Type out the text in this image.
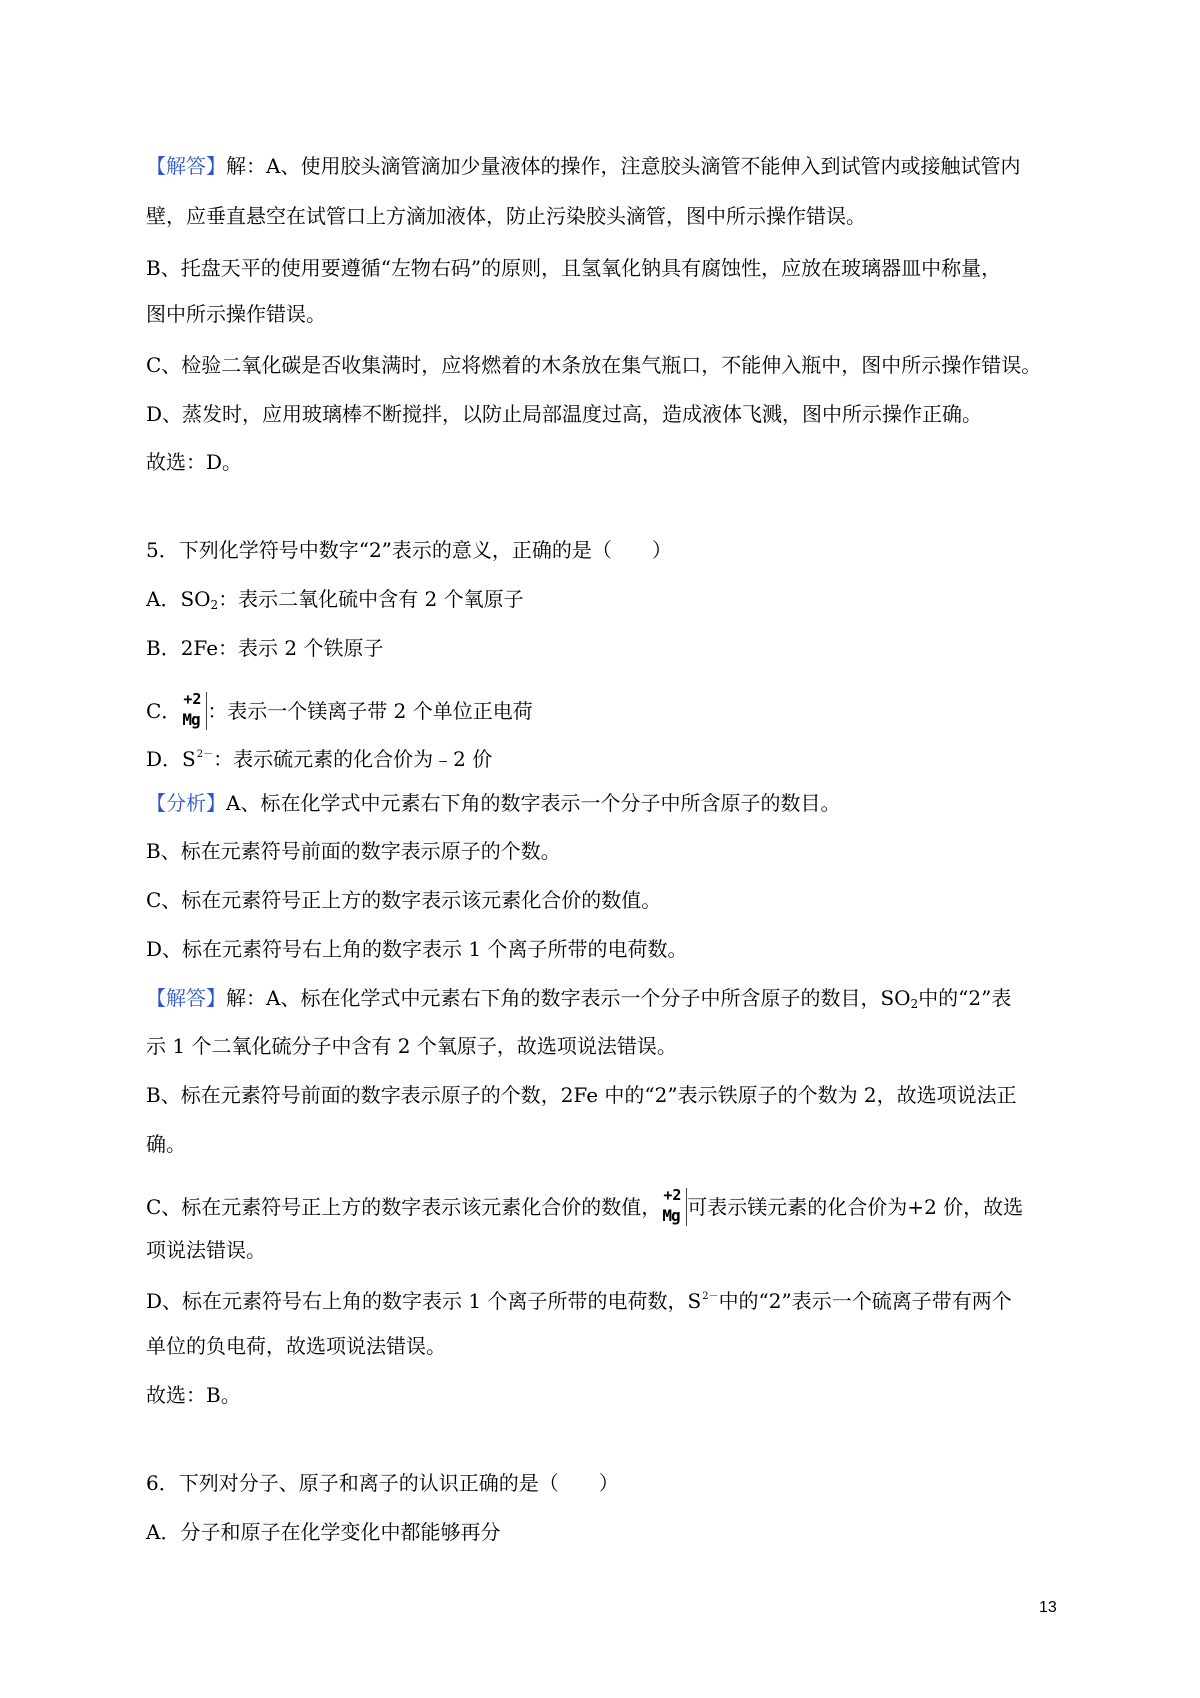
【解答】解：A、使用胶头滴管滴加少量液体的操作，注意胶头滴管不能伸入到试管内或接触试管内
壁，应垂直悬空在试管口上方滴加液体，防止污染胶头滴管，图中所示操作错误。
B、托盘天平的使用要遵循“左物右码”的原则，且氢氧化钠具有腐蚀性，应放在玻璃器皿中称量，
图中所示操作错误。
C、检验二氧化碳是否收集满时，应将燃着的木条放在集气瓶口，不能伸入瓶中，图中所示操作错误。
D、蒸发时，应用玻璃棒不断搅拌，以防止局部温度过高，造成液体飞溅，图中所示操作正确。
故选：D。
5．下列化学符号中数字“2”表示的意义，正确的是（　　）
A．$SO_2$：表示二氧化硫中含有 2 个氧原子
B．2Fe：表示 2 个铁原子
C． +2
Mg ：表示一个镁离子带 2 个单位正电荷
D．$S^{2-}$：表示硫元素的化合价为﹣2 价
【分析】A、标在化学式中元素右下角的数字表示一个分子中所含原子的数目。
B、标在元素符号前面的数字表示原子的个数。
C、标在元素符号正上方的数字表示该元素化合价的数值。
D、标在元素符号右上角的数字表示 1 个离子所带的电荷数。
【解答】解：A、标在化学式中元素右下角的数字表示一个分子中所含原子的数目，$SO_2$中的“2”表
示 1 个二氧化硫分子中含有 2 个氧原子，故选项说法错误。
B、标在元素符号前面的数字表示原子的个数，2Fe 中的“2”表示铁原子的个数为 2，故选项说法正
确。
C、标在元素符号正上方的数字表示该元素化合价的数值， +2
Mg 可表示镁元素的化合价为+2 价，故选
项说法错误。
D、标在元素符号右上角的数字表示 1 个离子所带的电荷数，$S^{2-}$中的“2”表示一个硫离子带有两个
单位的负电荷，故选项说法错误。
故选：B。
6．下列对分子、原子和离子的认识正确的是（　　）
A．分子和原子在化学变化中都能够再分
13
